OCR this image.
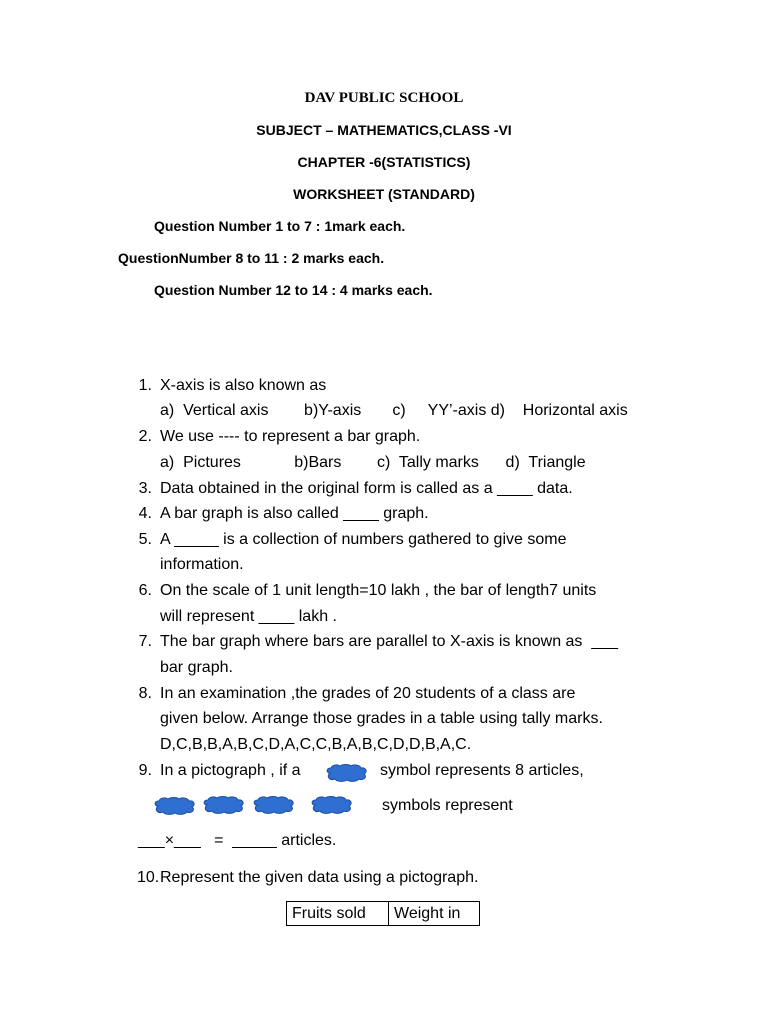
DAV PUBLIC SCHOOL
SUBJECT – MATHEMATICS,CLASS -VI
CHAPTER -6(STATISTICS)
WORKSHEET (STANDARD)
Question Number 1 to 7 : 1mark each.
QuestionNumber 8 to 11 : 2 marks each.
Question Number 12 to 14 : 4 marks each.
1. X-axis is also known as
a)  Vertical axis        b)Y-axis       c)     YY’-axis d)    Horizontal axis
2. We use ---- to represent a bar graph.
a)  Pictures            b)Bars        c)  Tally marks      d)  Triangle
3. Data obtained in the original form is called as a ____ data.
4. A bar graph is also called ____ graph.
5. A _____ is a collection of numbers gathered to give some
information.
6. On the scale of 1 unit length=10 lakh , the bar of length7 units
will represent ____ lakh .
7. The bar graph where bars are parallel to X-axis is known as  ___
bar graph.
8. In an examination ,the grades of 20 students of a class are
given below. Arrange those grades in a table using tally marks.
D,C,B,B,A,B,C,D,A,C,C,B,A,B,C,D,D,B,A,C.
9. In a pictograph , if a	symbol represents 8 articles,
symbols represent
___×___   =  _____ articles.
10. Represent the given data using a pictograph.
Fruits sold	Weight in
